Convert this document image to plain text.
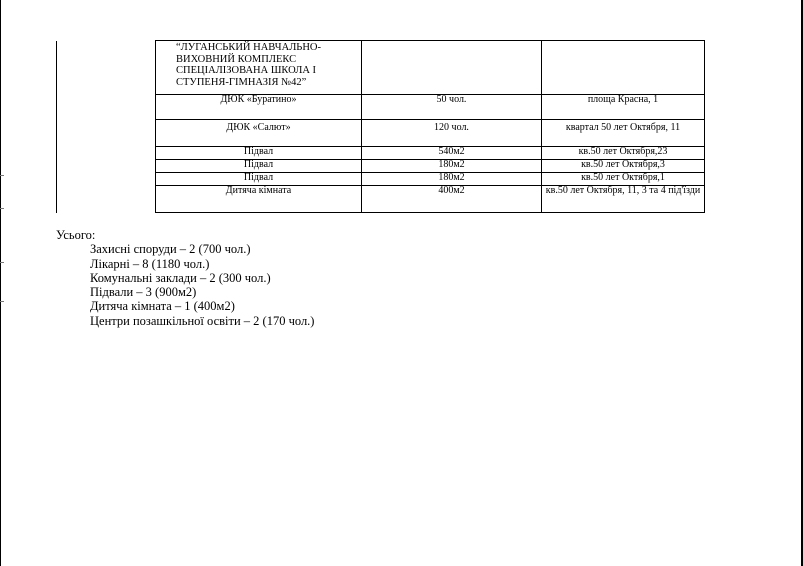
	“ЛУГАНСЬКИЙ НАВЧАЛЬНО-ВИХОВНИЙ КОМПЛЕКС СПЕЦІАЛІЗОВАНА ШКОЛА І СТУПЕНЯ-ГІМНАЗІЯ №42”		
	ДЮК «Буратино»	50 чол.	площа Красна, 1
	ДЮК «Салют»	120 чол.	квартал 50 лет Октября, 11
	Підвал	540м2	кв.50 лет Октября,23
	Підвал	180м2	кв.50 лет Октября,3
	Підвал	180м2	кв.50 лет Октября,1
	Дитяча кімната	400м2	кв.50 лет Октября, 11, 3 та 4 під'їзди
Усього:
Захисні споруди – 2 (700 чол.)
Лікарні – 8 (1180 чол.)
Комунальні заклади – 2 (300 чол.)
Підвали – 3 (900м2)
Дитяча кімната – 1 (400м2)
Центри позашкільної освіти – 2 (170 чол.)
